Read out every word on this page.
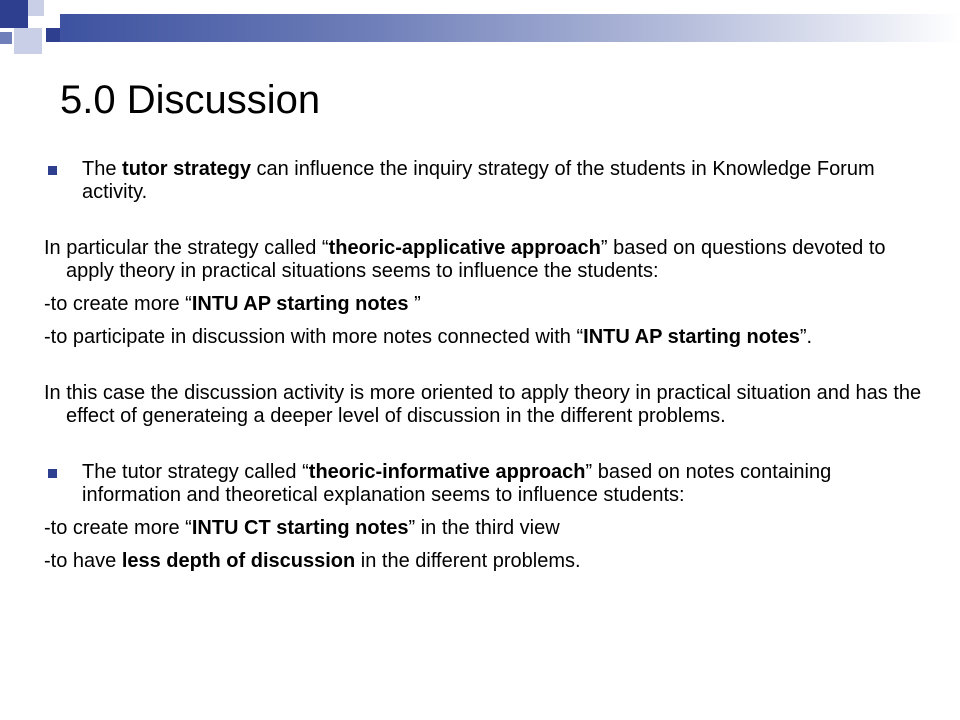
5.0 Discussion

The tutor strategy can influence the inquiry strategy of the students in Knowledge Forum activity.

In particular the strategy called “theoric-applicative approach” based on questions devoted to apply theory in practical situations seems to influence the students:

-to create more “INTU AP starting notes ”

-to participate in discussion with more notes connected with “INTU AP starting notes”.

In this case the discussion activity is more oriented to apply theory in practical situation and has the effect of generateing a deeper level of discussion in the different problems.

The tutor strategy called “theoric-informative approach” based on notes containing information and theoretical explanation seems to influence students:

-to create more “INTU CT starting notes” in the third view

-to have less depth of discussion in the different problems.
